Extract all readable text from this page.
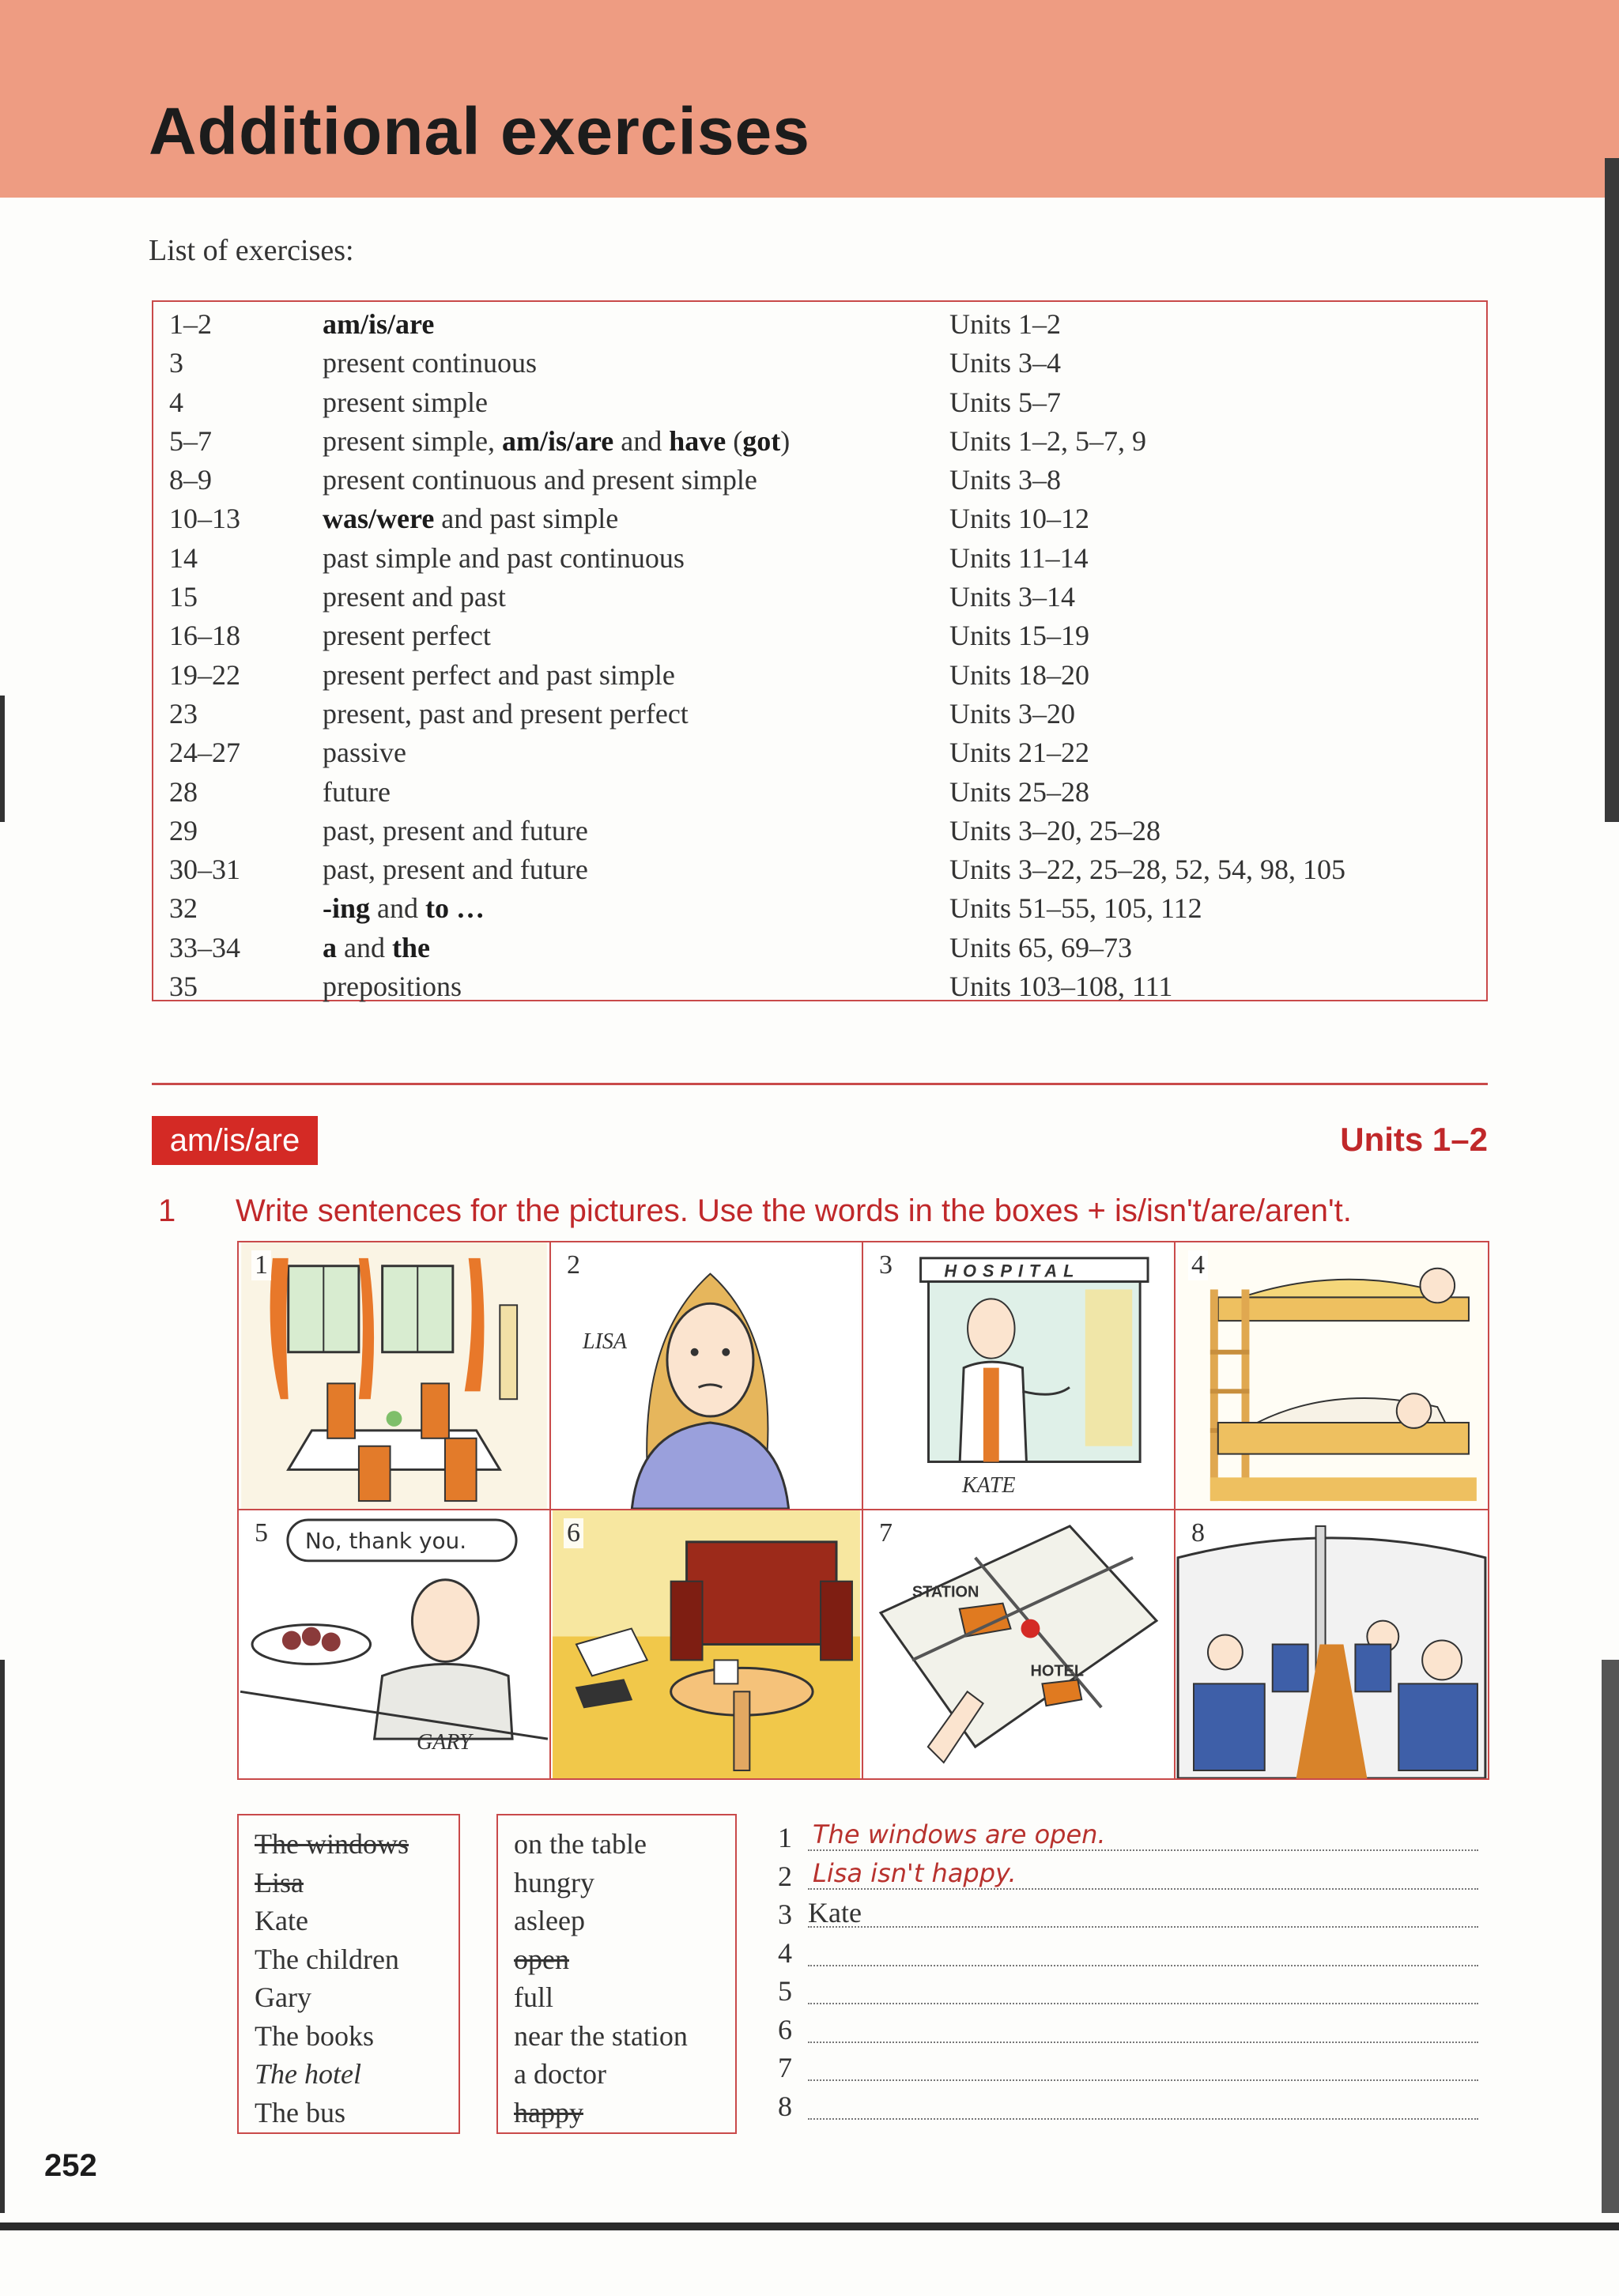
Additional exercises
List of exercises:
1–2	am/is/are	Units 1–2
3	present continuous	Units 3–4
4	present simple	Units 5–7
5–7	present simple, am/is/are and have (got)	Units 1–2, 5–7, 9
8–9	present continuous and present simple	Units 3–8
10–13	was/were and past simple	Units 10–12
14	past simple and past continuous	Units 11–14
15	present and past	Units 3–14
16–18	present perfect	Units 15–19
19–22	present perfect and past simple	Units 18–20
23	present, past and present perfect	Units 3–20
24–27	passive	Units 21–22
28	future	Units 25–28
29	past, present and future	Units 3–20, 25–28
30–31	past, present and future	Units 3–22, 25–28, 52, 54, 98, 105
32	-ing and to …	Units 51–55, 105, 112
33–34	a and the	Units 65, 69–73
35	prepositions	Units 103–108, 111
am/is/are	Units 1–2
1 Write sentences for the pictures. Use the words in the boxes + is/isn't/are/aren't.
1	2
LISA
3
KATE
HOSPITAL	4
5
GARY
No, thank you.	6	7
STATION
HOTEL
8
The windows
Lisa
Kate
The children
Gary
The books
The hotel
The bus
on the table
hungry
asleep
open
full
near the station
a doctor
happy
1 The windows are open.
2 Lisa isn't happy.
3 Kate
4
5
6
7
8
252
